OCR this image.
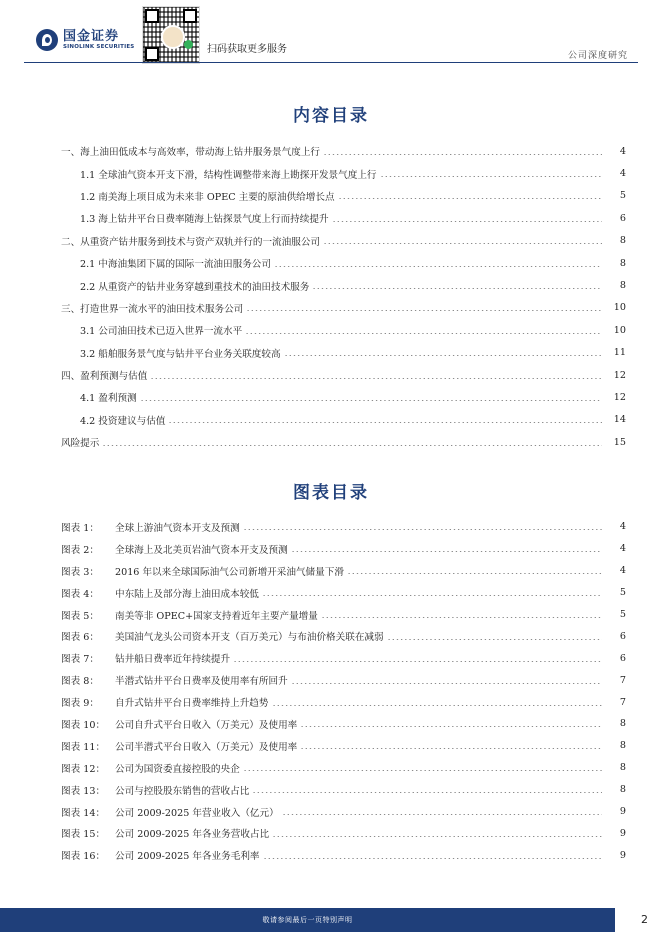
国金证券
SINOLINK SECURITIES	扫码获取更多服务
公司深度研究
内容目录
一、海上油田低成本与高效率，带动海上钻井服务景气度上行	4
1.1 全球油气资本开支下滑，结构性调整带来海上勘探开发景气度上行	4
1.2 南美海上项目成为未来非 OPEC 主要的原油供给增长点	5
1.3 海上钻井平台日费率随海上钻探景气度上行而持续提升	6
二、从重资产钻井服务到技术与资产双轨并行的一流油服公司	8
2.1 中海油集团下属的国际一流油田服务公司	8
2.2 从重资产的钻井业务穿越到重技术的油田技术服务	8
三、打造世界一流水平的油田技术服务公司	10
3.1 公司油田技术已迈入世界一流水平	10
3.2 船舶服务景气度与钻井平台业务关联度较高	11
四、盈利预测与估值	12
4.1 盈利预测	12
4.2 投资建议与估值	14
风险提示	15
图表目录
图表 1： 全球上游油气资本开支及预测	4
图表 2： 全球海上及北美页岩油气资本开支及预测	4
图表 3： 2016 年以来全球国际油气公司新增开采油气储量下滑	4
图表 4： 中东陆上及部分海上油田成本较低	5
图表 5： 南美等非 OPEC+国家支持着近年主要产量增量	5
图表 6： 美国油气龙头公司资本开支（百万美元）与布油价格关联在减弱	6
图表 7： 钻井船日费率近年持续提升	6
图表 8： 半潜式钻井平台日费率及使用率有所回升	7
图表 9： 自升式钻井平台日费率维持上升趋势	7
图表 10： 公司自升式平台日收入（万美元）及使用率	8
图表 11： 公司半潜式平台日收入（万美元）及使用率	8
图表 12： 公司为国资委直接控股的央企	8
图表 13： 公司与控股股东销售的营收占比	8
图表 14： 公司 2009-2025 年营业收入（亿元）	9
图表 15： 公司 2009-2025 年各业务营收占比	9
图表 16： 公司 2009-2025 年各业务毛利率	9
敬请参阅最后一页特别声明	2
